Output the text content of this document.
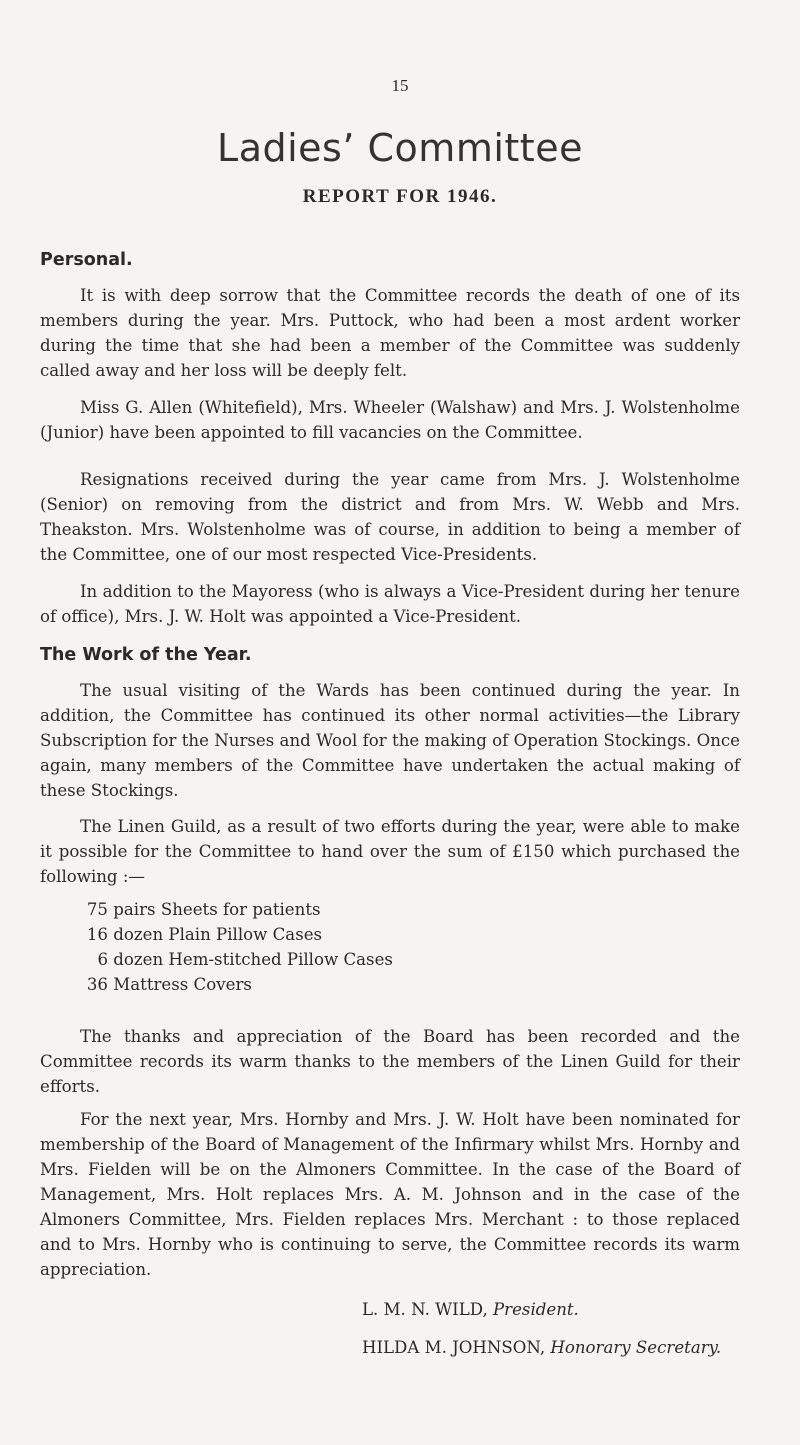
15
Ladies’ Committee
REPORT FOR 1946.
Personal.

It is with deep sorrow that the Committee records the death of one of its members during the year. Mrs. Puttock, who had been a most ardent worker during the time that she had been a member of the Committee was suddenly called away and her loss will be deeply felt.

Miss G. Allen (Whitefield), Mrs. Wheeler (Walshaw) and Mrs. J. Wolstenholme (Junior) have been appointed to fill vacancies on the Committee.

Resignations received during the year came from Mrs. J. Wolstenholme (Senior) on removing from the district and from Mrs. W. Webb and Mrs. Theakston. Mrs. Wolstenholme was of course, in addition to being a member of the Committee, one of our most respected Vice-Presidents.

In addition to the Mayoress (who is always a Vice-President during her tenure of office), Mrs. J. W. Holt was appointed a Vice-President.

The Work of the Year.

The usual visiting of the Wards has been continued during the year. In addition, the Committee has continued its other normal activities—the Library Subscription for the Nurses and Wool for the making of Operation Stockings. Once again, many members of the Committee have undertaken the actual making of these Stockings.

The Linen Guild, as a result of two efforts during the year, were able to make it possible for the Committee to hand over the sum of £150 which purchased the following :—

75 pairs Sheets for patients
16 dozen Plain Pillow Cases
6 dozen Hem-stitched Pillow Cases
36 Mattress Covers

The thanks and appreciation of the Board has been recorded and the Committee records its warm thanks to the members of the Linen Guild for their efforts.

For the next year, Mrs. Hornby and Mrs. J. W. Holt have been nominated for membership of the Board of Management of the Infirmary whilst Mrs. Hornby and Mrs. Fielden will be on the Almoners Committee. In the case of the Board of Management, Mrs. Holt replaces Mrs. A. M. Johnson and in the case of the Almoners Committee, Mrs. Fielden replaces Mrs. Merchant : to those replaced and to Mrs. Hornby who is continuing to serve, the Committee records its warm appreciation.

L. M. N. WILD, President.
HILDA M. JOHNSON, Honorary Secretary.
